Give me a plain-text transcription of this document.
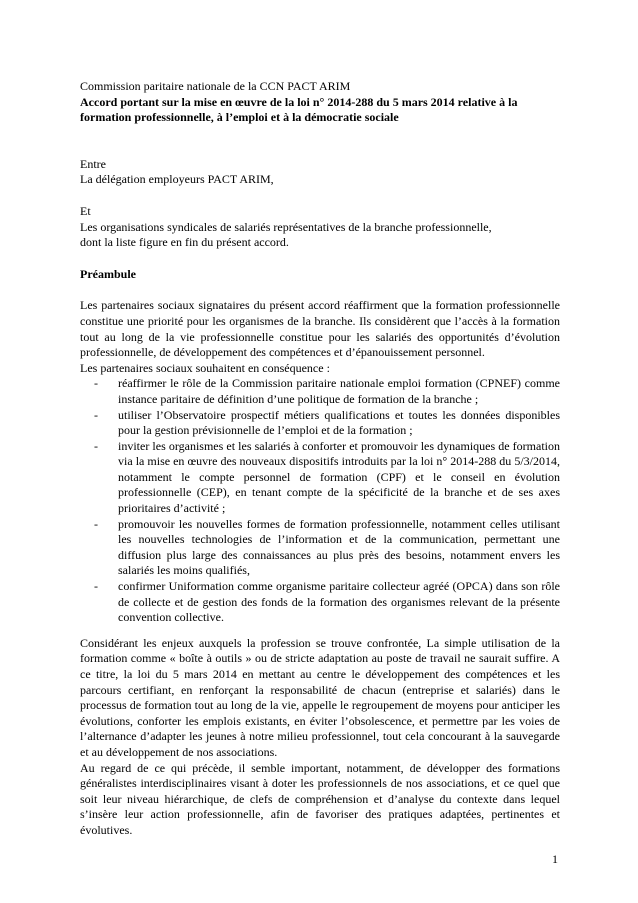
Commission paritaire nationale de la CCN PACT ARIM

Accord portant sur la mise en œuvre de la loi n° 2014-288 du 5 mars 2014 relative à la

formation professionnelle, à l’emploi et à la démocratie sociale

Entre

La délégation employeurs PACT ARIM,

Et

Les organisations syndicales de salariés représentatives de la branche professionnelle,

dont la liste figure en fin du présent accord.

Préambule

Les partenaires sociaux signataires du présent accord réaffirment que la formation professionnelle constitue une priorité pour les organismes de la branche. Ils considèrent que l’accès à la formation tout au long de la vie professionnelle constitue pour les salariés des opportunités d’évolution professionnelle, de développement des compétences et d’épanouissement personnel.

Les partenaires sociaux souhaitent en conséquence :

- réaffirmer le rôle de la Commission paritaire nationale emploi formation (CPNEF) comme instance paritaire de définition d’une politique de formation de la branche ;
- utiliser l’Observatoire prospectif métiers qualifications et toutes les données disponibles pour la gestion prévisionnelle de l’emploi et de la formation ;
- inviter les organismes et les salariés à conforter et promouvoir les dynamiques de formation via la mise en œuvre des nouveaux dispositifs introduits par la loi n° 2014-288 du 5/3/2014, notamment le compte personnel de formation (CPF) et le conseil en évolution professionnelle (CEP), en tenant compte de la spécificité de la branche et de ses axes prioritaires d’activité ;
- promouvoir les nouvelles formes de formation professionnelle, notamment celles utilisant les nouvelles technologies de l’information et de la communication, permettant une diffusion plus large des connaissances au plus près des besoins, notamment envers les salariés les moins qualifiés,
- confirmer Uniformation comme organisme paritaire collecteur agréé (OPCA) dans son rôle de collecte et de gestion des fonds de la formation des organismes relevant de la présente convention collective.

Considérant les enjeux auxquels la profession se trouve confrontée, La simple utilisation de la formation comme « boîte à outils » ou de stricte adaptation au poste de travail ne saurait suffire. A ce titre, la loi du 5 mars 2014 en mettant au centre le développement des compétences et les parcours certifiant, en renforçant la responsabilité de chacun (entreprise et salariés) dans le processus de formation tout au long de la vie, appelle le regroupement de moyens pour anticiper les évolutions, conforter les emplois existants, en éviter l’obsolescence, et permettre par les voies de l’alternance d’adapter les jeunes à notre milieu professionnel, tout cela concourant à la sauvegarde et au développement de nos associations.

Au regard de ce qui précède, il semble important, notamment, de développer des formations généralistes interdisciplinaires visant à doter les professionnels de nos associations, et ce quel que soit leur niveau hiérarchique, de clefs de compréhension et d’analyse du contexte dans lequel s’insère leur action professionnelle, afin de favoriser des pratiques adaptées, pertinentes et évolutives.

1
